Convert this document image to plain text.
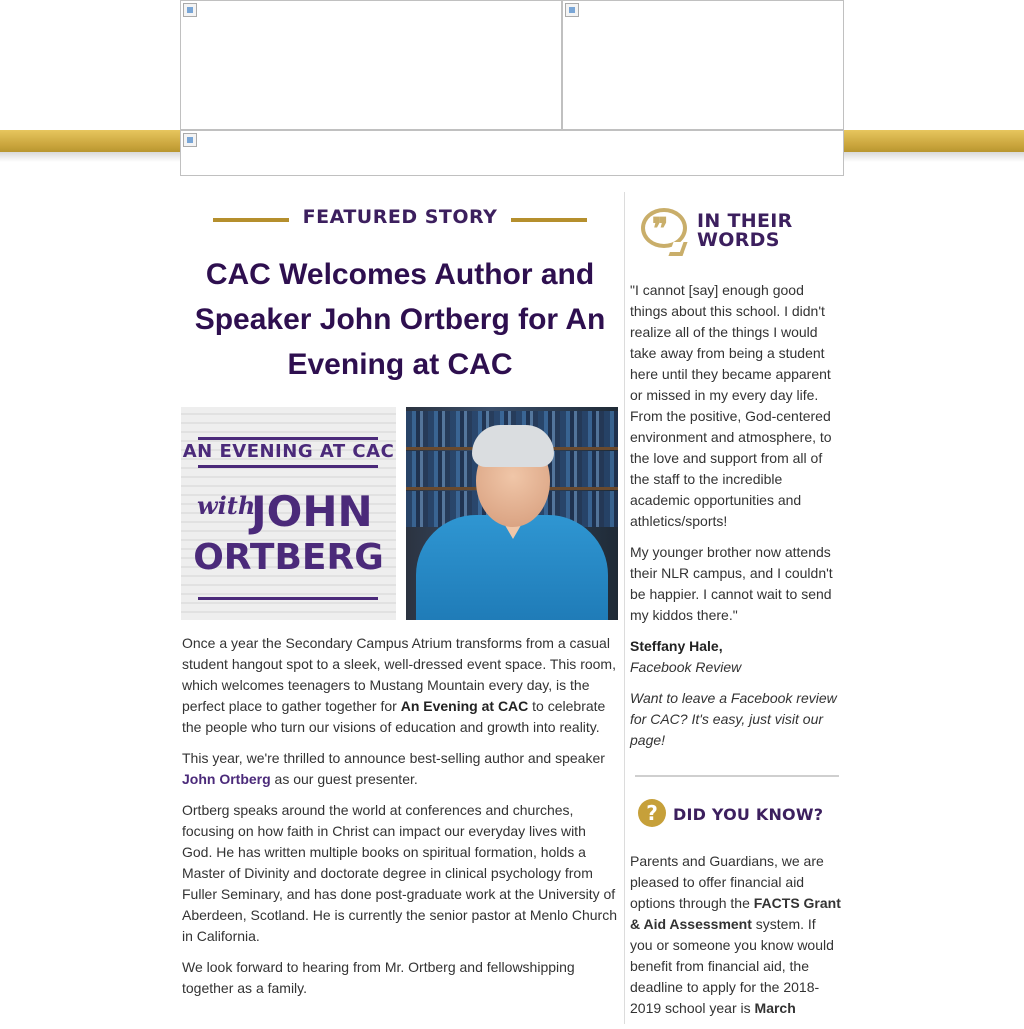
FEATURED STORY
CAC Welcomes Author and Speaker John Ortberg for An Evening at CAC
AN EVENING AT CAC
with
JOHN
ORTBERG

Once a year the Secondary Campus Atrium transforms from a casual student hangout spot to a sleek, well-dressed event space. This room, which welcomes teenagers to Mustang Mountain every day, is the perfect place to gather together for An Evening at CAC to celebrate the people who turn our visions of education and growth into reality.

This year, we're thrilled to announce best-selling author and speaker John Ortberg as our guest presenter.

Ortberg speaks around the world at conferences and churches, focusing on how faith in Christ can impact our everyday lives with God. He has written multiple books on spiritual formation, holds a Master of Divinity and doctorate degree in clinical psychology from Fuller Seminary, and has done post-graduate work at the University of Aberdeen, Scotland. He is currently the senior pastor at Menlo Church in California.

We look forward to hearing from Mr. Ortberg and fellowshipping together as a family.

❞ IN THEIR
WORDS

"I cannot [say] enough good things about this school. I didn't realize all of the things I would take away from being a student here until they became apparent or missed in my every day life. From the positive, God-centered environment and atmosphere, to the love and support from all of the staff to the incredible academic opportunities and athletics/sports!

My younger brother now attends their NLR campus, and I couldn't be happier. I cannot wait to send my kiddos there."

Steffany Hale,

Facebook Review

Want to leave a Facebook review for CAC? It's easy, just visit our page!

? DID YOU KNOW?

Parents and Guardians, we are pleased to offer financial aid options through the FACTS Grant & Aid Assessment system. If you or someone you know would benefit from financial aid, the deadline to apply for the 2018-2019 school year is March
